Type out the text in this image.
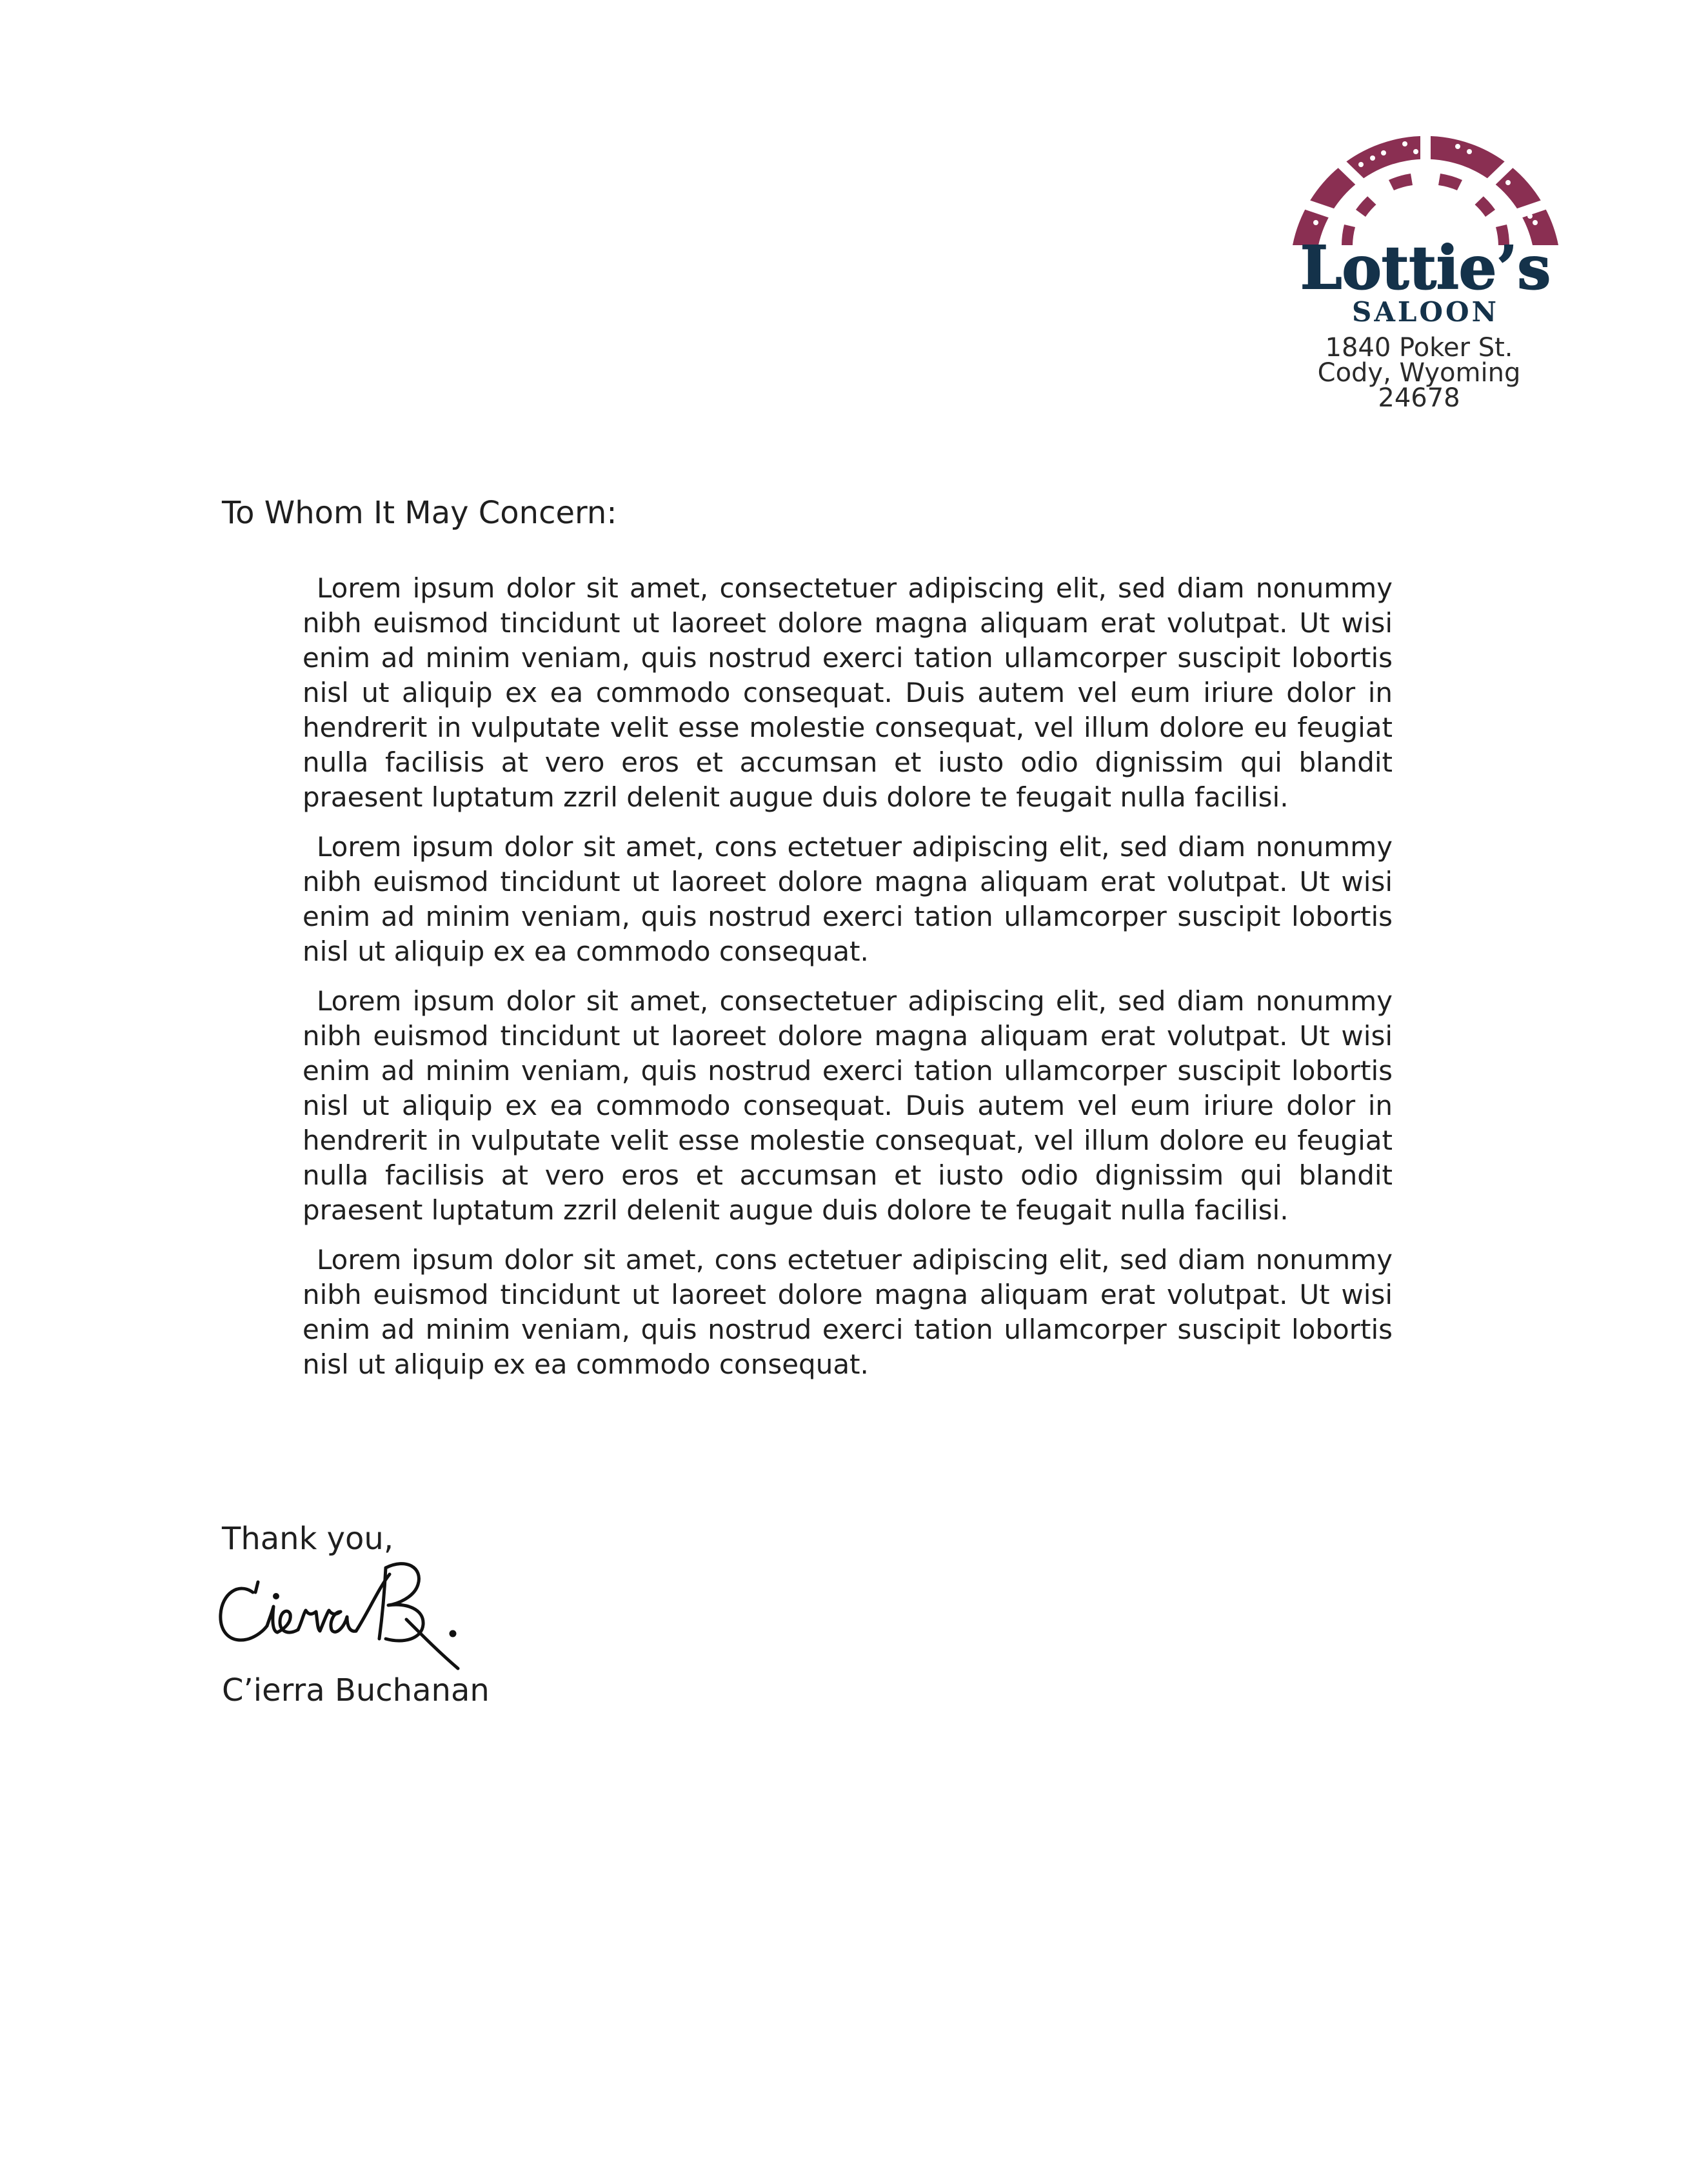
Lottie’s
SALOON
1840 Poker St.
Cody, Wyoming
24678

To Whom It May Concern:

Lorem ipsum dolor sit amet, consectetuer adipiscing elit, sed diam nonummy nibh euismod tincidunt ut laoreet dolore magna aliquam erat volutpat. Ut wisi enim ad minim veniam, quis nostrud exerci tation ullamcorper suscipit lobortis nisl ut aliquip ex ea commodo consequat. Duis autem vel eum iriure dolor in hendrerit in vulputate velit esse molestie consequat, vel illum dolore eu feugiat nulla facilisis at vero eros et accumsan et iusto odio dignissim qui blandit praesent luptatum zzril delenit augue duis dolore te feugait nulla facilisi.

Lorem ipsum dolor sit amet, cons ectetuer adipiscing elit, sed diam nonummy nibh euismod tincidunt ut laoreet dolore magna aliquam erat volutpat. Ut wisi enim ad minim veniam, quis nostrud exerci tation ullamcorper suscipit lobortis nisl ut aliquip ex ea commodo consequat.

Lorem ipsum dolor sit amet, consectetuer adipiscing elit, sed diam nonummy nibh euismod tincidunt ut laoreet dolore magna aliquam erat volutpat. Ut wisi enim ad minim veniam, quis nostrud exerci tation ullamcorper suscipit lobortis nisl ut aliquip ex ea commodo consequat. Duis autem vel eum iriure dolor in hendrerit in vulputate velit esse molestie consequat, vel illum dolore eu feugiat nulla facilisis at vero eros et accumsan et iusto odio dignissim qui blandit praesent luptatum zzril delenit augue duis dolore te feugait nulla facilisi.

Lorem ipsum dolor sit amet, cons ectetuer adipiscing elit, sed diam nonummy nibh euismod tincidunt ut laoreet dolore magna aliquam erat volutpat. Ut wisi enim ad minim veniam, quis nostrud exerci tation ullamcorper suscipit lobortis nisl ut aliquip ex ea commodo consequat.

Thank you,

C’ierra Buchanan
